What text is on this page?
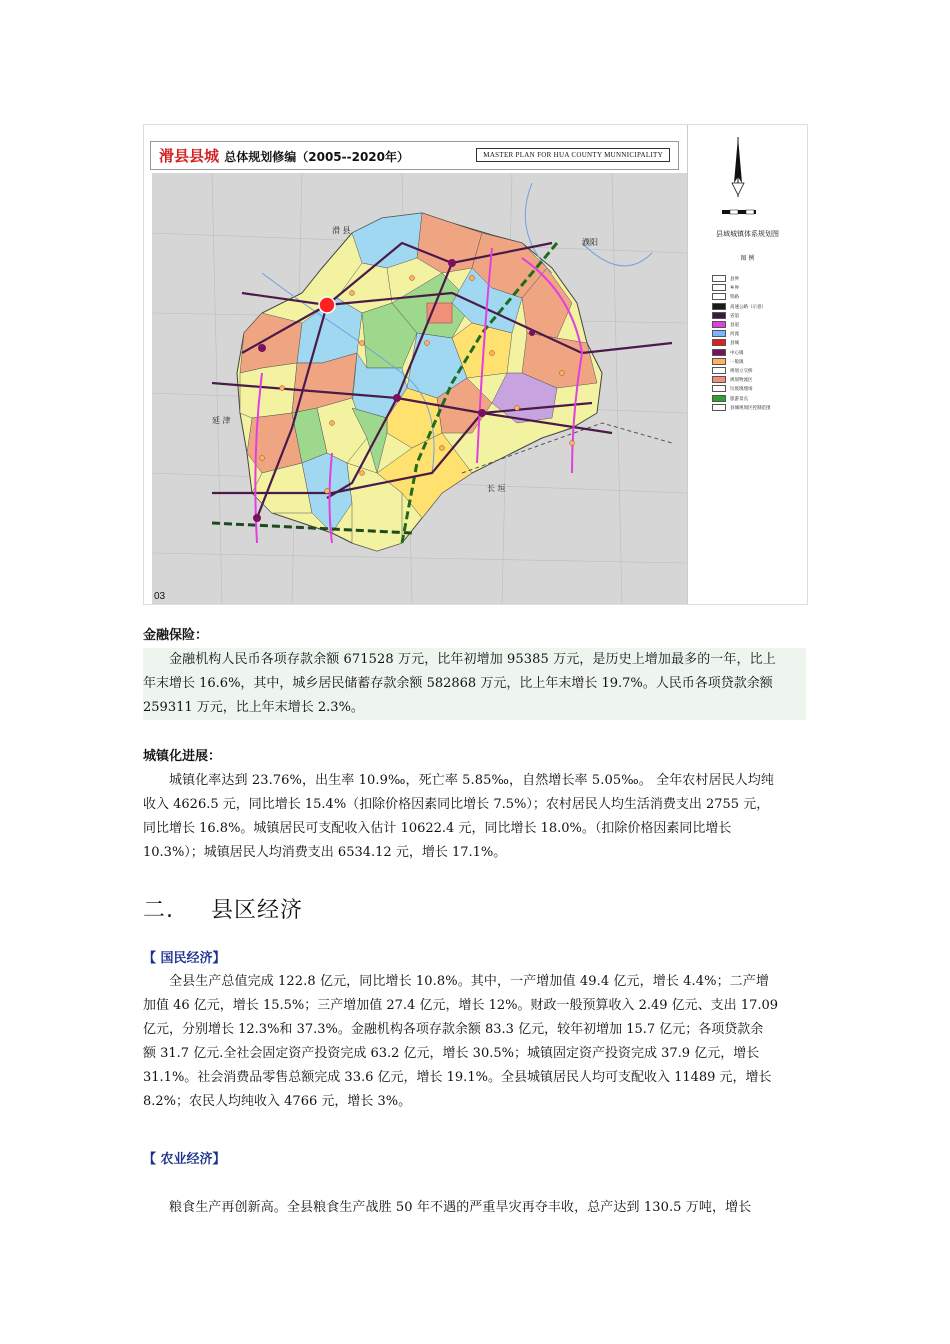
滑县县城 总体规划修编（2005--2020年）	MASTER PLAN FOR HUA COUNTY MUNNICIPALITY
滑 县
濮阳
长 垣
延 津
03
县域城镇体系规划图
图 例
县界
乡界
铁路
高速公路（示意）
省道
县道
河流
县城
中心镇
一般镇
规划立交桥
规划物流区
垃圾填埋场
旅游景点
县城规划区控制范围
金融保险：
金融机构人民币各项存款余额 671528 万元，比年初增加 95385 万元，是历史上增加最多的一年，比上
年末增长 16.6%，其中，城乡居民储蓄存款余额 582868 万元，比上年末增长 19.7%。人民币各项贷款余额
259311 万元，比上年末增长 2.3%。
城镇化进展：
城镇化率达到 23.76%，出生率 10.9‰，死亡率 5.85‰，自然增长率 5.05‰。 全年农村居民人均纯
收入 4626.5 元，同比增长 15.4%（扣除价格因素同比增长 7.5%）；农村居民人均生活消费支出 2755 元，
同比增长 16.8%。城镇居民可支配收入估计 10622.4 元，同比增长 18.0%。（扣除价格因素同比增长
10.3%）；城镇居民人均消费支出 6534.12 元，增长 17.1%。
二. 县区经济
【 国民经济】
全县生产总值完成 122.8 亿元，同比增长 10.8%。其中，一产增加值 49.4 亿元，增长 4.4%；二产增
加值 46 亿元，增长 15.5%；三产增加值 27.4 亿元，增长 12%。财政一般预算收入 2.49 亿元、支出 17.09
亿元，分别增长 12.3%和 37.3%。金融机构各项存款余额 83.3 亿元，较年初增加 15.7 亿元；各项贷款余
额 31.7 亿元.全社会固定资产投资完成 63.2 亿元，增长 30.5%；城镇固定资产投资完成 37.9 亿元，增长
31.1%。社会消费品零售总额完成 33.6 亿元，增长 19.1%。全县城镇居民人均可支配收入 11489 元，增长
8.2%；农民人均纯收入 4766 元，增长 3%。
【 农业经济】
粮食生产再创新高。全县粮食生产战胜 50 年不遇的严重旱灾再夺丰收，总产达到 130.5 万吨，增长
